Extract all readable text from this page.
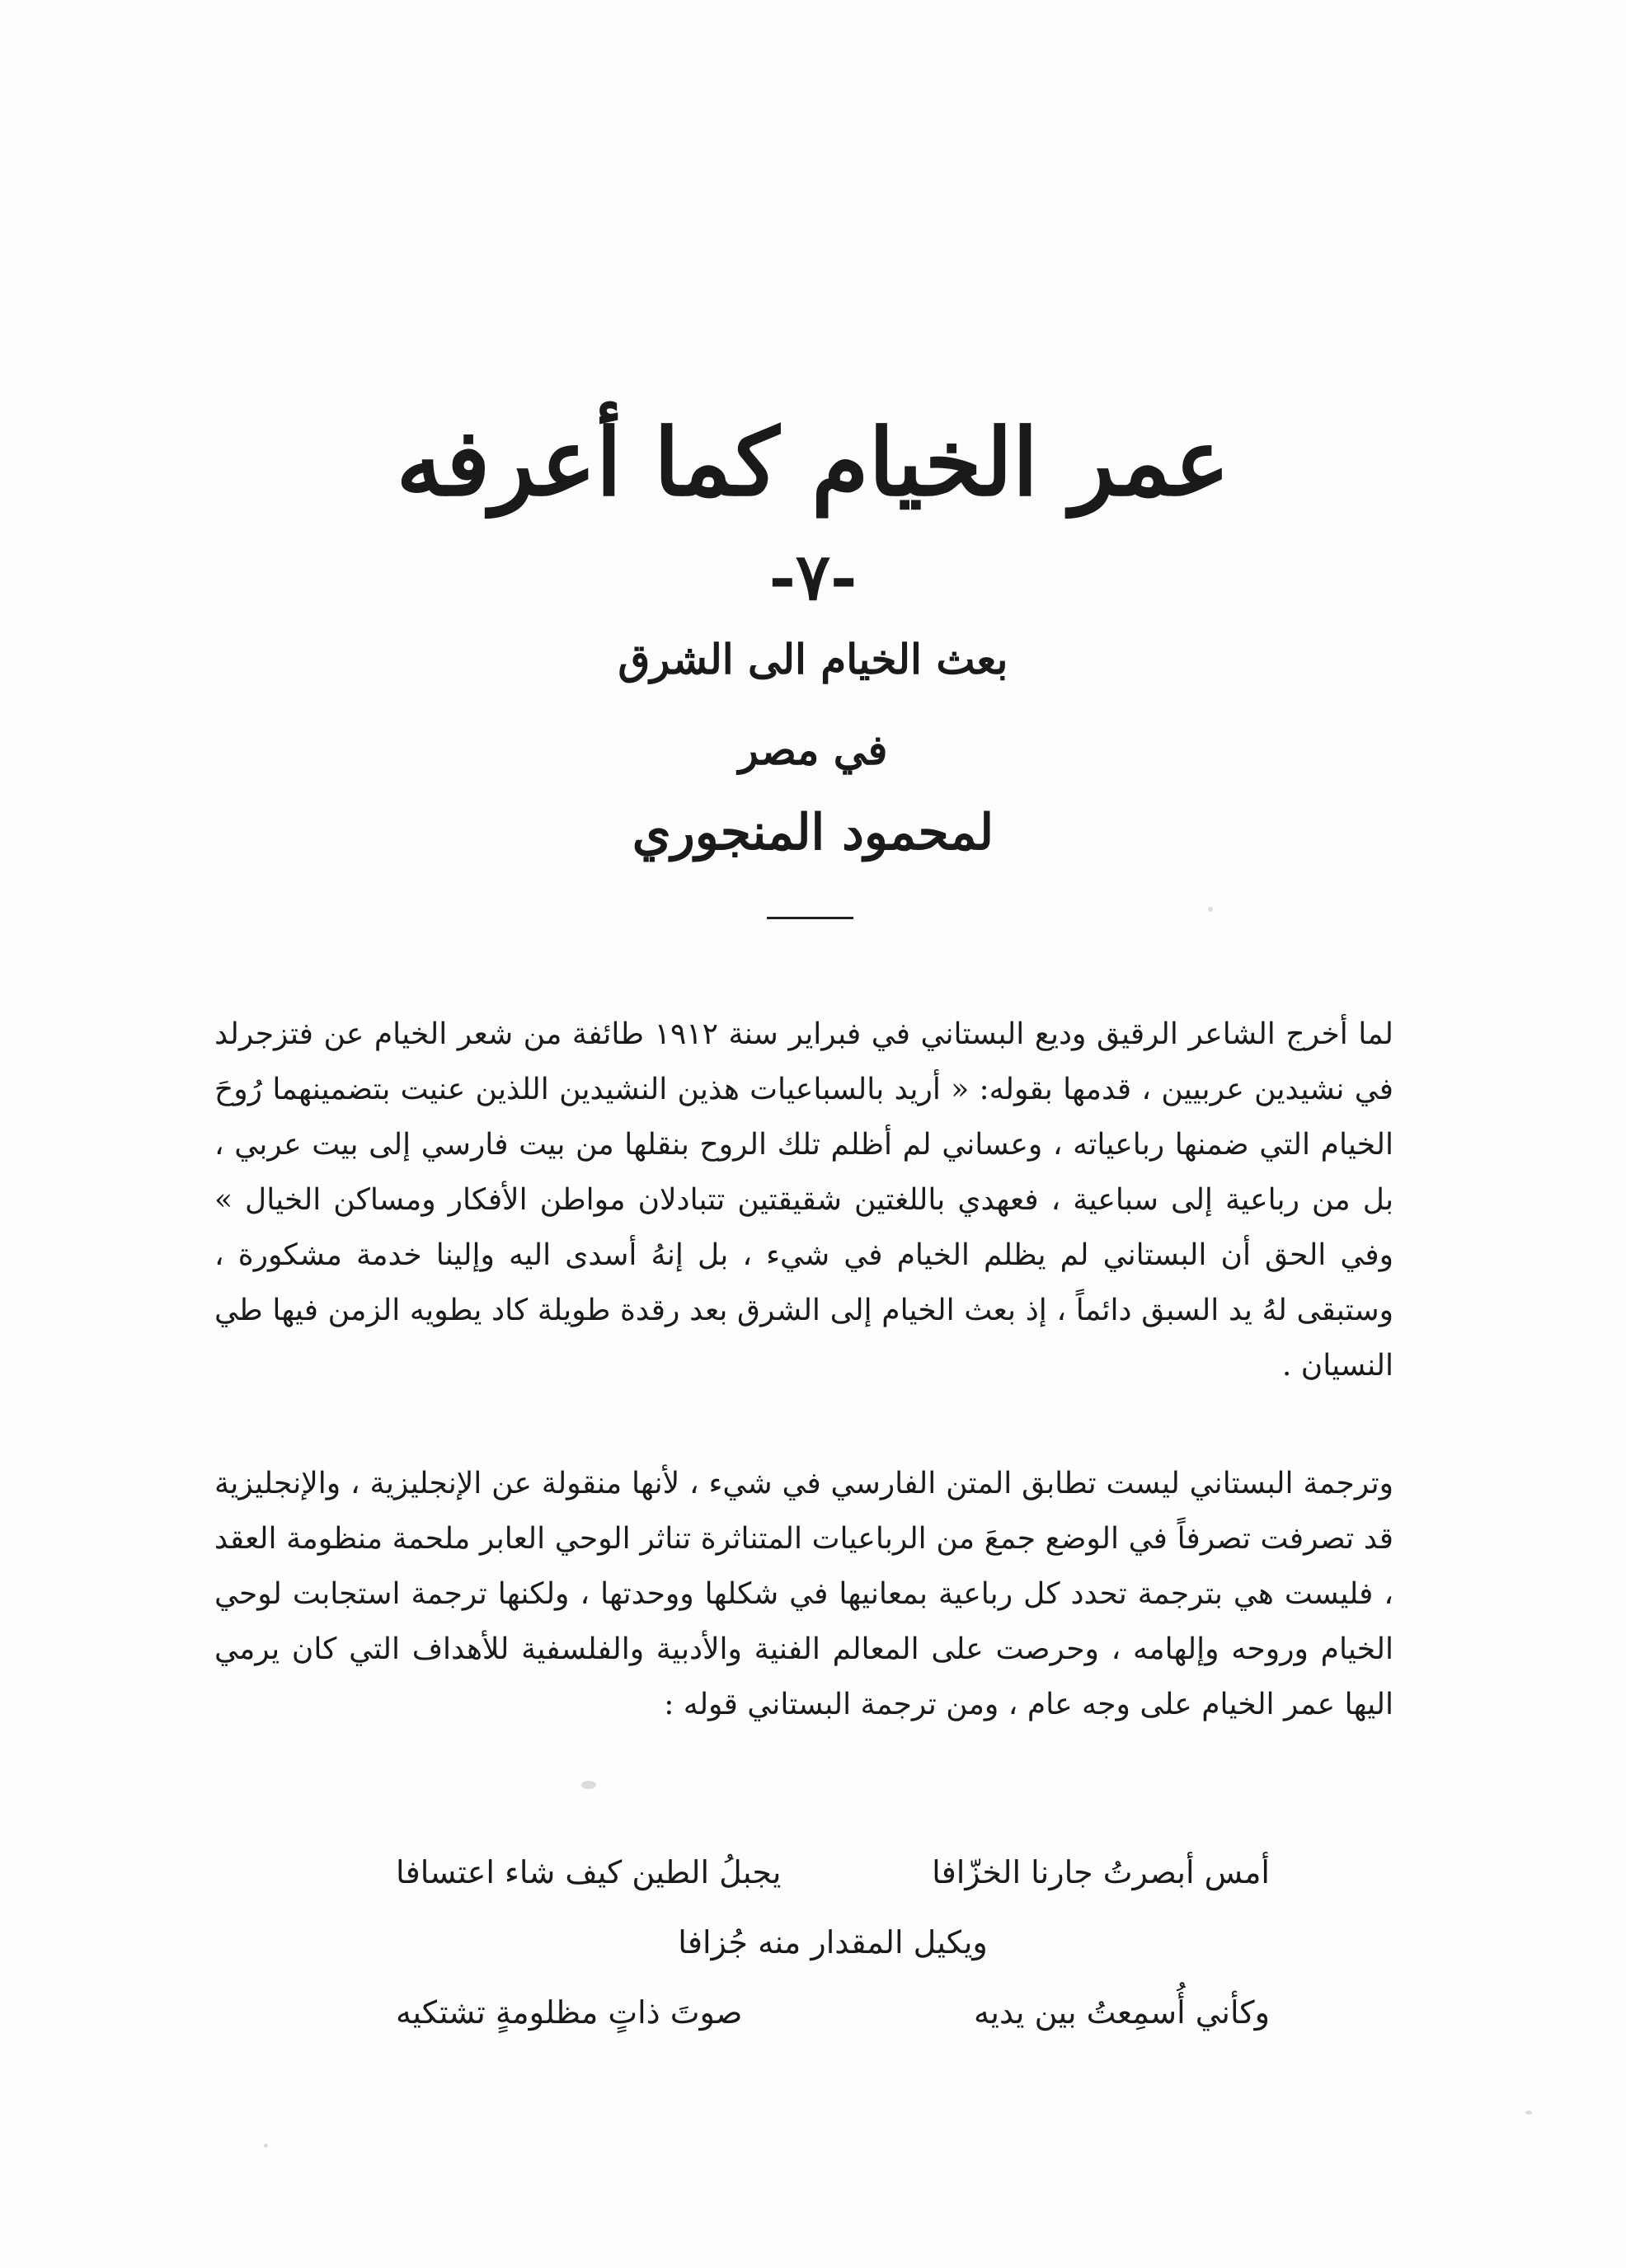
عمر الخيام كما أعرفه
-٧-
بعث الخيام الى الشرق
في مصر
لمحمود المنجوري

لما أخرج الشاعر الرقيق وديع البستاني في فبراير سنة ١٩١٢ طائفة من شعر الخيام عن فتزجرلد في نشيدين عربيين ، قدمها بقوله: « أريد بالسباعيات هذين النشيدين اللذين عنيت بتضمينهما رُوحَ الخيام التي ضمنها رباعياته ، وعساني لم أظلم تلك الروح بنقلها من بيت فارسي إلى بيت عربي ، بل من رباعية إلى سباعية ، فعهدي باللغتين شقيقتين تتبادلان مواطن الأفكار ومساكن الخيال » وفي الحق أن البستاني لم يظلم الخيام في شيء ، بل إنهُ أسدى اليه وإلينا خدمة مشكورة ، وستبقى لهُ يد السبق دائماً ، إذ بعث الخيام إلى الشرق بعد رقدة طويلة كاد يطويه الزمن فيها طي النسيان .

وترجمة البستاني ليست تطابق المتن الفارسي في شيء ، لأنها منقولة عن الإنجليزية ، والإنجليزية قد تصرفت تصرفاً في الوضع جمعَ من الرباعيات المتناثرة تناثر الوحي العابر ملحمة منظومة العقد ، فليست هي بترجمة تحدد كل رباعية بمعانيها في شكلها ووحدتها ، ولكنها ترجمة استجابت لوحي الخيام وروحه وإلهامه ، وحرصت على المعالم الفنية والأدبية والفلسفية للأهداف التي كان يرمي اليها عمر الخيام على وجه عام ، ومن ترجمة البستاني قوله :

أمس أبصرتُ جارنا الخزّافا
يجبلُ الطين كيف شاء اعتسافا
ويكيل المقدار منه جُزافا
وكأني أُسمِعتُ بين يديه
صوتَ ذاتٍ مظلومةٍ تشتكيه
